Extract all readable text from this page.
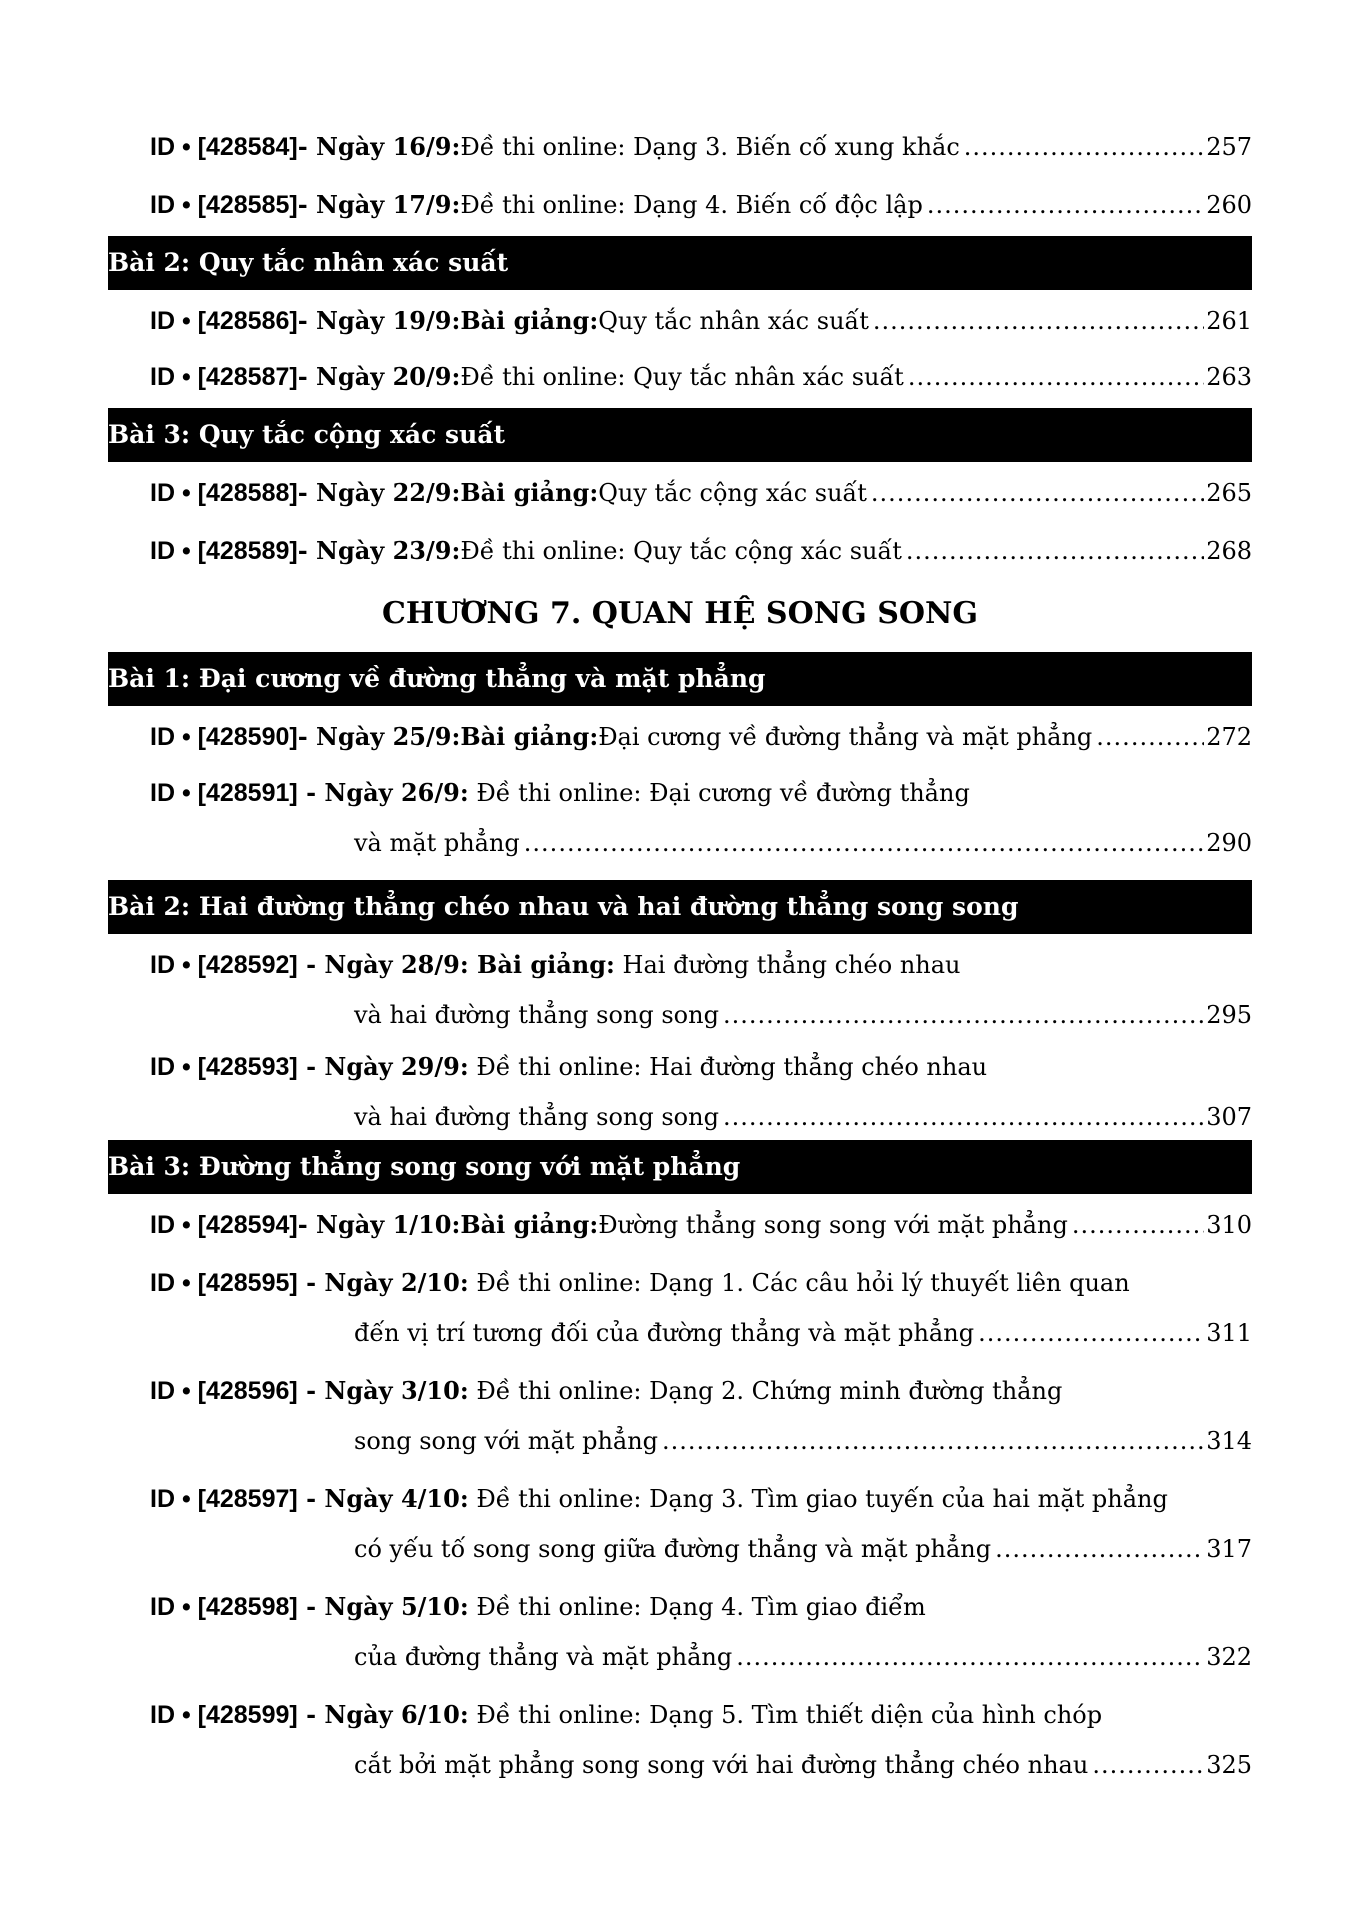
ID • [428584] - Ngày 16/9: Đề thi online: Dạng 3. Biến cố xung khắc .....	257
ID • [428585] - Ngày 17/9: Đề thi online: Dạng 4. Biến cố độc lập .....	260
Bài 2: Quy tắc nhân xác suất
ID • [428586] - Ngày 19/9: Bài giảng: Quy tắc nhân xác suất .....	261
ID • [428587] - Ngày 20/9: Đề thi online: Quy tắc nhân xác suất .....	263
Bài 3: Quy tắc cộng xác suất
ID • [428588] - Ngày 22/9: Bài giảng: Quy tắc cộng xác suất .....	265
ID • [428589] - Ngày 23/9: Đề thi online: Quy tắc cộng xác suất .....	268
CHƯƠNG 7. QUAN HỆ SONG SONG
Bài 1: Đại cương về đường thẳng và mặt phẳng
ID • [428590] - Ngày 25/9: Bài giảng: Đại cương về đường thẳng và mặt phẳng .....	272
ID • [428591] - Ngày 26/9: Đề thi online: Đại cương về đường thẳng
và mặt phẳng .....	290
Bài 2: Hai đường thẳng chéo nhau và hai đường thẳng song song
ID • [428592] - Ngày 28/9: Bài giảng: Hai đường thẳng chéo nhau
và hai đường thẳng song song .....	295
ID • [428593] - Ngày 29/9: Đề thi online: Hai đường thẳng chéo nhau
và hai đường thẳng song song .....	307
Bài 3: Đường thẳng song song với mặt phẳng
ID • [428594] - Ngày 1/10: Bài giảng: Đường thẳng song song với mặt phẳng .....	310
ID • [428595] - Ngày 2/10: Đề thi online: Dạng 1. Các câu hỏi lý thuyết liên quan
đến vị trí tương đối của đường thẳng và mặt phẳng .....	311
ID • [428596] - Ngày 3/10: Đề thi online: Dạng 2. Chứng minh đường thẳng
song song với mặt phẳng .....	314
ID • [428597] - Ngày 4/10: Đề thi online: Dạng 3. Tìm giao tuyến của hai mặt phẳng
có yếu tố song song giữa đường thẳng và mặt phẳng .....	317
ID • [428598] - Ngày 5/10: Đề thi online: Dạng 4. Tìm giao điểm
của đường thẳng và mặt phẳng .....	322
ID • [428599] - Ngày 6/10: Đề thi online: Dạng 5. Tìm thiết diện của hình chóp
cắt bởi mặt phẳng song song với hai đường thẳng chéo nhau .....	325
